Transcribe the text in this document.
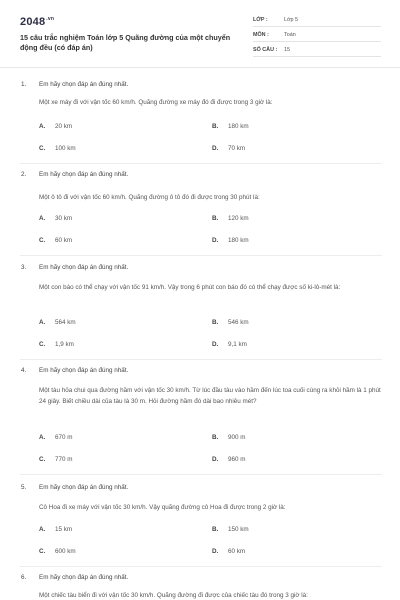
$2048^{.vn}$
15 câu trắc nghiệm Toán lớp 5 Quãng đường của một chuyển động đều (có đáp án)
LỚP :	Lớp 5
MÔN :	Toán
SỐ CÂU : 15
1. Em hãy chọn đáp án đúng nhất.
Một xe máy đi với vận tốc 60 km/h. Quãng đường xe máy đó đi được trong 3 giờ là:
A. 20 km	B. 180 km
C. 100 km	D. 70 km
2. Em hãy chọn đáp án đúng nhất.
Một ô tô đi với vận tốc 60 km/h. Quãng đường ô tô đó đi được trong 30 phút là:
A. 30 km	B. 120 km
C. 60 km	D. 180 km
3. Em hãy chọn đáp án đúng nhất.
Một con báo có thể chạy với vận tốc 91 km/h. Vậy trong 6 phút con báo đó có thể chạy được số ki-lô-mét là:
A. 564 km	B. 546 km
C. 1,9 km	D. 9,1 km
4. Em hãy chọn đáp án đúng nhất.
Một tàu hỏa chui qua đường hầm với vận tốc 30 km/h. Từ lúc đầu tàu vào hầm đến lúc toa cuối cùng ra khỏi hầm là 1 phút 24 giây. Biết chiều dài của tàu là 30 m. Hỏi đường hầm đó dài bao nhiêu mét?
A. 670 m	B. 900 m
C. 770 m	D. 960 m
5. Em hãy chọn đáp án đúng nhất.
Cô Hoa đi xe máy với vận tốc 30 km/h. Vậy quãng đường cô Hoa đi được trong 2 giờ là:
A. 15 km	B. 150 km
C. 600 km	D. 60 km
6. Em hãy chọn đáp án đúng nhất.
Một chiếc tàu biển đi với vận tốc 30 km/h. Quãng đường đi được của chiếc tàu đó trong 3 giờ là:
